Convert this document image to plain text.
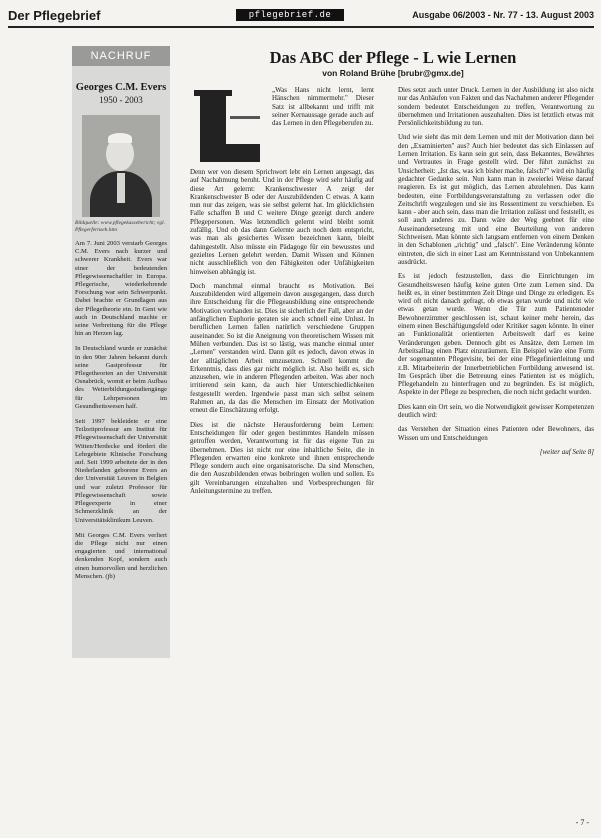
Der Pflegebrief	pflegebrief.de	Ausgabe 06/2003 - Nr. 77 - 13. August 2003
NACHRUF
Georges C.M. Evers
1950 - 2003
Bildquelle: www.pflegekassebericht; vgl. Pflegerfernseh.htm

Am 7. Juni 2003 verstarb Georges C.M. Evers nach kurzer und schwerer Krankheit. Evers war einer der bedeutenden Pflegewissenschaftler in Europa. Pflegerische, wiederkehrende Forschung war sein Schwerpunkt. Dabei brachte er Grundlagen aus der Pflegetheorie ein. In Gent wie auch in Deutschland machte er seine Verbreitung für die Pflege hin an Herzen lag.

In Deutschland wurde er zunächst in den 90er Jahren bekannt durch seine Gastprofessur für Pflegetheorien an der Universität Osnabrück, womit er beim Aufbau des Weiterbildungsstudiengänge für Lehrpersonen im Gesundheitswesen half.

Seit 1997 bekleidete er eine Teilzeitprofessur am Institut für Pflegewissenschaft der Universität Witten/Herdecke und fördert die Lehrgebiete Klinische Forschung auf. Seit 1999 arbeitete der in den Niederlanden geborene Evers an der Universität Leuven in Belgien und war zuletzt Professor für Pflegewissenschaft sowie Pflegeexperte in einer Schmerzklinik an der Universitätsklinikum Leuven.

Mit Georges C.M. Evers verliert die Pflege nicht nur einen engagierten und international denkenden Kopf, sondern auch einen humorvollen und herzlichen Menschen. (jb)

Das ABC der Pflege - L wie Lernen
von Roland Brühe [brubr@gmx.de]
L

„Was Hans nicht lernt, lernt Hänschen nimmermehr." Dieser Satz ist allbekannt und trifft mit seiner Kernaussage gerade auch auf das Lernen in den Pflegeberufen zu.

Denn wer von diesem Sprichwort lebt ein Lernen angesagt, das auf Nachahmung beruht. Und in der Pflege wird sehr häufig auf diese Art gelernt: Krankenschwester A zeigt der Krankenschwester B oder der Auszubildenden C etwas. A kann nun nur das zeigen, was sie selbst gelernt hat. Im glücklichsten Falle schaffen B und C weitere Dinge gezeigt durch andere Pflegepersonen. Was letztendlich gelernt wird bleibt somit zufällig. Und ob das dann Gelernte auch noch dem entspricht, was man als gesichertes Wissen bezeichnen kann, bleibt dahingestellt. Also müsste ein Pädagoge für ein bewusstes und gezieltes Lernen gelehrt werden. Damit Wissen und Können nicht ausschließlich von den Fähigkeiten oder Unfähigkeiten hinweisen abhängig ist.

Doch manchmal einmal braucht es Motivation. Bei Auszubildenden wird allgemein davon ausgegangen, dass durch ihre Entscheidung für die Pflegeausbildung eine entsprechende Motivation vorhanden ist. Dies ist sicherlich der Fall, aber an der anfänglichen Euphorie geraten sie auch schnell eine Unlust. In beruflichen Lernen fallen natürlich verschiedene Gruppen auseinander. So ist die Aneignung von theoretischem Wissen mit Mühen verbunden. Das ist so lästig, was manche einmal unter „Lernen" verstanden wird. Dann gilt es jedoch, davon etwas in der alltäglichen Arbeit umzusetzen. Schnell kommt die Erkenntnis, dass dies gar nicht möglich ist. Also heißt es, sich anzusehen, wie in anderen Pflegenden arbeiten. Was aber noch irritierend sein kann, da auch hier Unterschiedlichkeiten festgestellt werden. Irgendwie passt man sich selbst seinem Rahmen an, da das die Menschen im Einsatz der Motivation erneut die Einschätzung erfolgt.

Dies ist die nächste Herausforderung beim Lernen: Entscheidungen für oder gegen bestimmtes Handeln müssen getroffen werden, Verantwortung ist für das eigene Tun zu übernehmen. Dies ist nicht nur eine inhaltliche Seite, die in Pflegenden erwarten eine konkrete und ihnen entsprechende Pflege sondern auch eine organisatorische. Da sind Menschen, die den Auszubildenden etwas beibringen wollen und sollen. Es gilt Vereinbarungen einzuhalten und Vorbesprechungen für Anleitungstermine zu treffen.

Dies setzt auch unter Druck. Lernen in der Ausbildung ist also nicht nur das Anhäufen von Fakten und das Nachahmen anderer Pflegender sondern bedeutet Entscheidungen zu treffen, Verantwortung zu übernehmen und Irritationen auszuhalten. Dies ist letztlich etwas mit Persönlichkeitsbildung zu tun.

Und wie sieht das mit dem Lernen und mit der Motivation dann bei den „Examinierten" aus? Auch hier bedeutet das sich Einlassen auf Lernen Irritation. Es kann sein gut sein, dass Bekanntes, Bewährtes und Vertrautes in Frage gestellt wird. Der führt zunächst zu Unsicherheit: „Ist das, was ich bisher mache, falsch?" wird ein häufig gedachter Gedanke sein. Nun kann man in zweierlei Weise darauf reagieren. Es ist gut möglich, das Lernen abzulehnen. Das kann bedeuten, eine Fortbildungsveranstaltung zu verlassen oder die Zeitschrift wegzulegen und sie ins Ressentiment zu verschieben. Es kann - aber auch sein, dass man die Irritation zulässt und feststellt, es soll auch anderes zu. Dann wäre der Weg geebnet für eine Auseinandersetzung mit und eine Beurteilung von anderen Sichtweisen. Man könnte sich langsam entfernen von einem Denken in den Schablonen „richtig" und „falsch". Eine Veränderung könnte eintreten, die sich in einer Last am Kenntnisstand von Unbekanntem ausdrückt.

Es ist jedoch festzustellen, dass die Einrichtungen im Gesundheitswesen häufig keine guten Orte zum Lernen sind. Da heißt es, in einer bestimmten Zeit Dinge und Dinge zu erledigen. Es wird oft nicht danach gefragt, ob etwas getan wurde und nicht wie etwas getan wurde. Wenn die Tür zum Patientenoder Bewohnerzimmer geschlossen ist, schaut keiner mehr herein, das einem einen Beschäftigungsfeld oder Kritiker sagen könnte. In einer an Funktionalität orientierten Arbeitswelt darf es keine Veränderungen geben. Dennoch gibt es Ansätze, dem Lernen im Arbeitsalltag einen Platz einzuräumen. Ein Beispiel wäre eine Form der sogenannten Pflegevisite, bei der eine Pflegefiniertleitung und z.B. Mitarbeiterin der Innerbetrieblichen Fortbildung anwesend ist. Im Gespräch über die Betreuung eines Patienten ist es möglich, Pflegehandeln zu hinterfragen und zu begründen. Es ist möglich, Aspekte in der Pflege zu besprechen, die noch nicht gedacht wurden.

Dies kann ein Ort sein, wo die Notwendigkeit gewisser Kompetenzen deutlich wird:

das Verstehen der Situation eines Patienten oder Bewohners, das Wissen um und Entscheidungen

[weiter auf Seite 8]
- 7 -
